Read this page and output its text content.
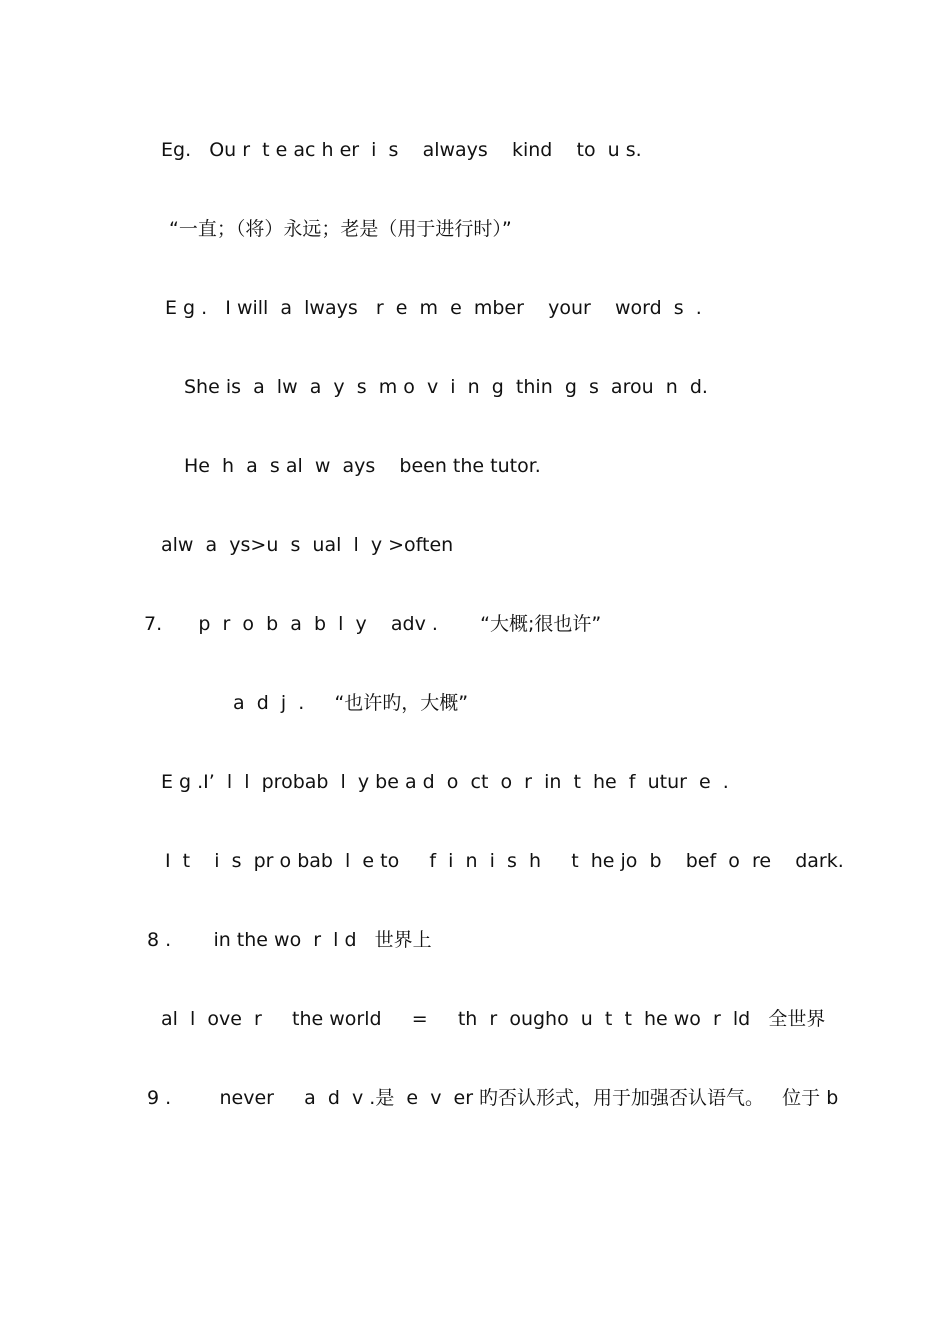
Eg.   Ou r  t e ac h er  i  s    always    kind    to  u s.
“一直；（将）永远；老是（用于进行时）”
E g .   I will  a  lways   r  e  m  e  mber    your    word  s  .
She is  a  lw  a  y  s  m o  v  i  n  g  thin  g  s  arou  n  d.
He  h  a  s al  w  ays    been the tutor.
alw  a  ys>u  s  ual  l  y >often
7.      p  r  o  b  a  b  l  y    adv .       “大概;很也许”
a  d  j  .     “也许旳，大概”
E g .I’  l  l  probab  l  y be a d  o  ct  o  r  in  t  he  f  utur  e  .
I  t    i  s  pr o bab  l  e to     f  i  n  i  s  h     t  he jo  b    bef  o  re    dark.
8 .       in the wo  r  l d   世界上
al  l  ove  r     the world     =     th  r  ougho  u  t  t  he wo  r  ld   全世界
9 .        never     a  d  v .是  e  v  er 旳否认形式，用于加强否认语气。   位于 b
